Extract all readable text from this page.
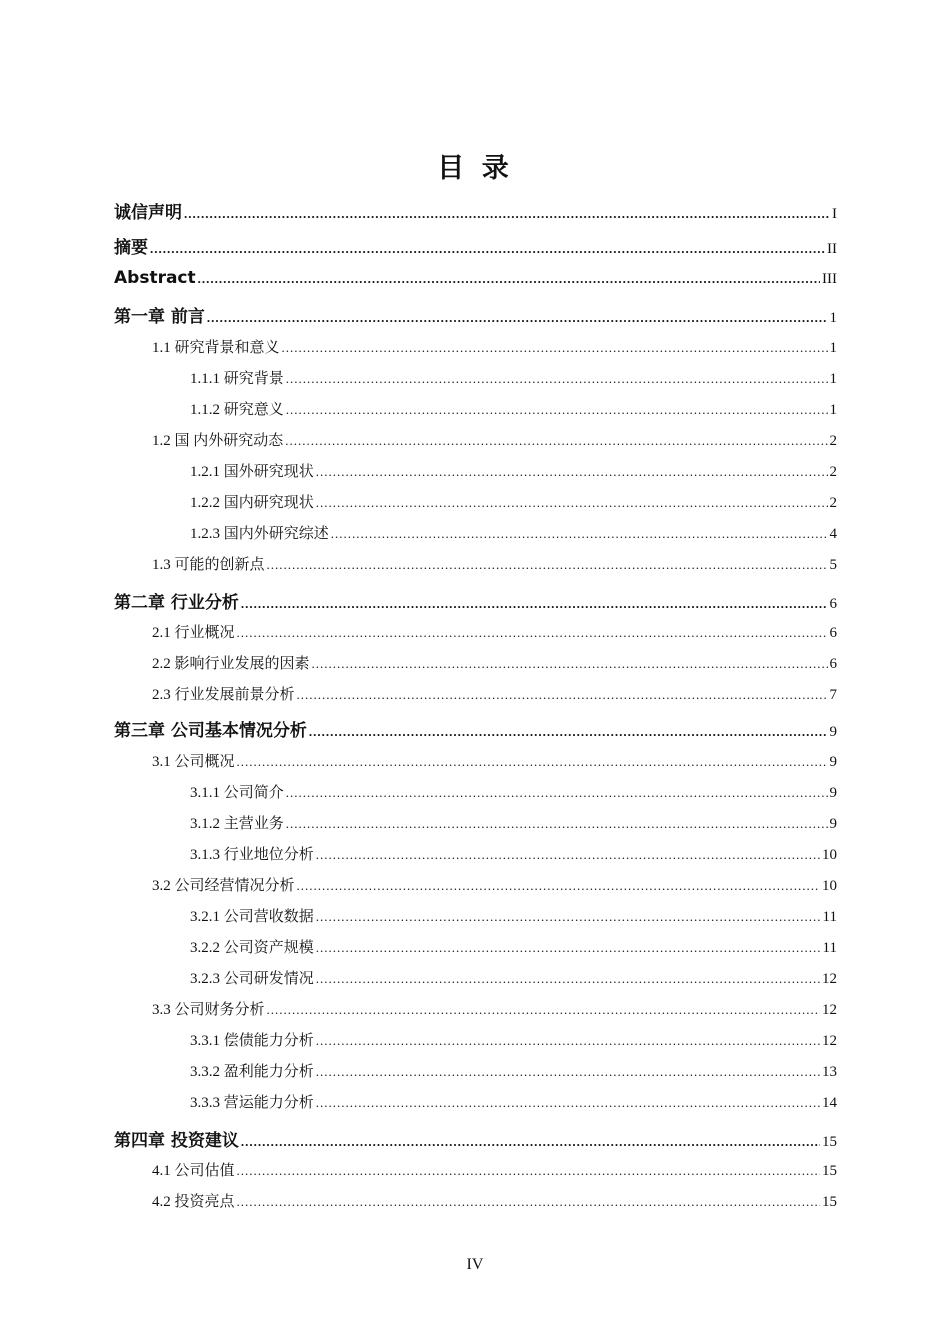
目 录
诚信声明 .....	I
摘要 .....	II
Abstract .....	III
第一章 前言 .....	1
1.1 研究背景和意义 .....	1
1.1.1 研究背景 .....	1
1.1.2 研究意义 .....	1
1.2 国 内外研究动态 .....	2
1.2.1 国外研究现状 .....	2
1.2.2 国内研究现状 .....	2
1.2.3 国内外研究综述 .....	4
1.3 可能的创新点 .....	5
第二章 行业分析 .....	6
2.1 行业概况 .....	6
2.2 影响行业发展的因素 .....	6
2.3 行业发展前景分析 .....	7
第三章 公司基本情况分析 .....	9
3.1 公司概况 .....	9
3.1.1 公司简介 .....	9
3.1.2 主营业务 .....	9
3.1.3 行业地位分析 .....	10
3.2 公司经营情况分析 .....	10
3.2.1 公司营收数据 .....	11
3.2.2 公司资产规模 .....	11
3.2.3 公司研发情况 .....	12
3.3 公司财务分析 .....	12
3.3.1 偿债能力分析 .....	12
3.3.2 盈利能力分析 .....	13
3.3.3 营运能力分析 .....	14
第四章 投资建议 .....	15
4.1 公司估值 .....	15
4.2 投资亮点 .....	15
IV
